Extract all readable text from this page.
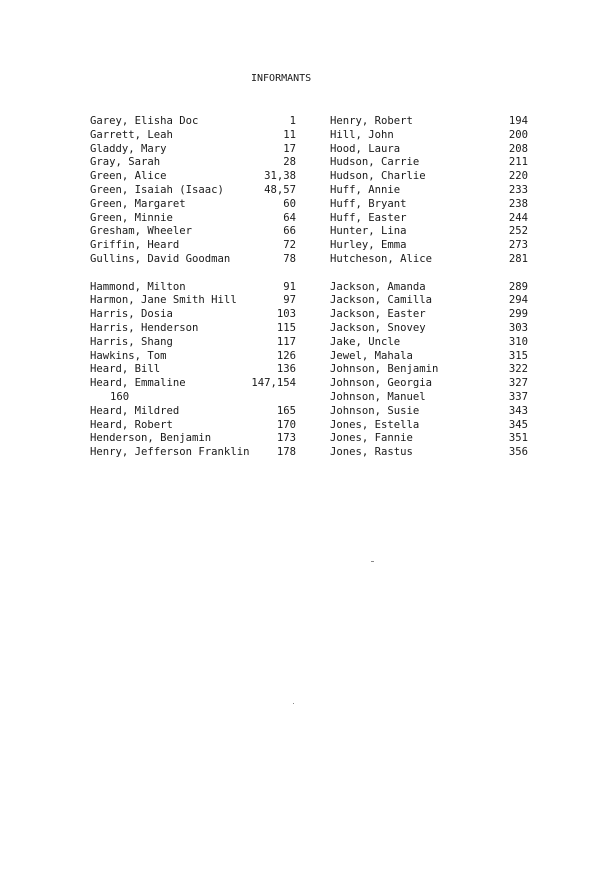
INFORMANTS
Garey, Elisha Doc	1
Garrett, Leah	11
Gladdy, Mary	17
Gray, Sarah	28
Green, Alice	31,38
Green, Isaiah (Isaac)	48,57
Green, Margaret	60
Green, Minnie	64
Gresham, Wheeler	66
Griffin, Heard	72
Gullins, David Goodman	78
Hammond, Milton	91
Harmon, Jane Smith Hill	97
Harris, Dosia	103
Harris, Henderson	115
Harris, Shang	117
Hawkins, Tom	126
Heard, Bill	136
Heard, Emmaline	147,154
160
Heard, Mildred	165
Heard, Robert	170
Henderson, Benjamin	173
Henry, Jefferson Franklin	178
Henry, Robert	194
Hill, John	200
Hood, Laura	208
Hudson, Carrie	211
Hudson, Charlie	220
Huff, Annie	233
Huff, Bryant	238
Huff, Easter	244
Hunter, Lina	252
Hurley, Emma	273
Hutcheson, Alice	281
Jackson, Amanda	289
Jackson, Camilla	294
Jackson, Easter	299
Jackson, Snovey	303
Jake, Uncle	310
Jewel, Mahala	315
Johnson, Benjamin	322
Johnson, Georgia	327
Johnson, Manuel	337
Johnson, Susie	343
Jones, Estella	345
Jones, Fannie	351
Jones, Rastus	356
